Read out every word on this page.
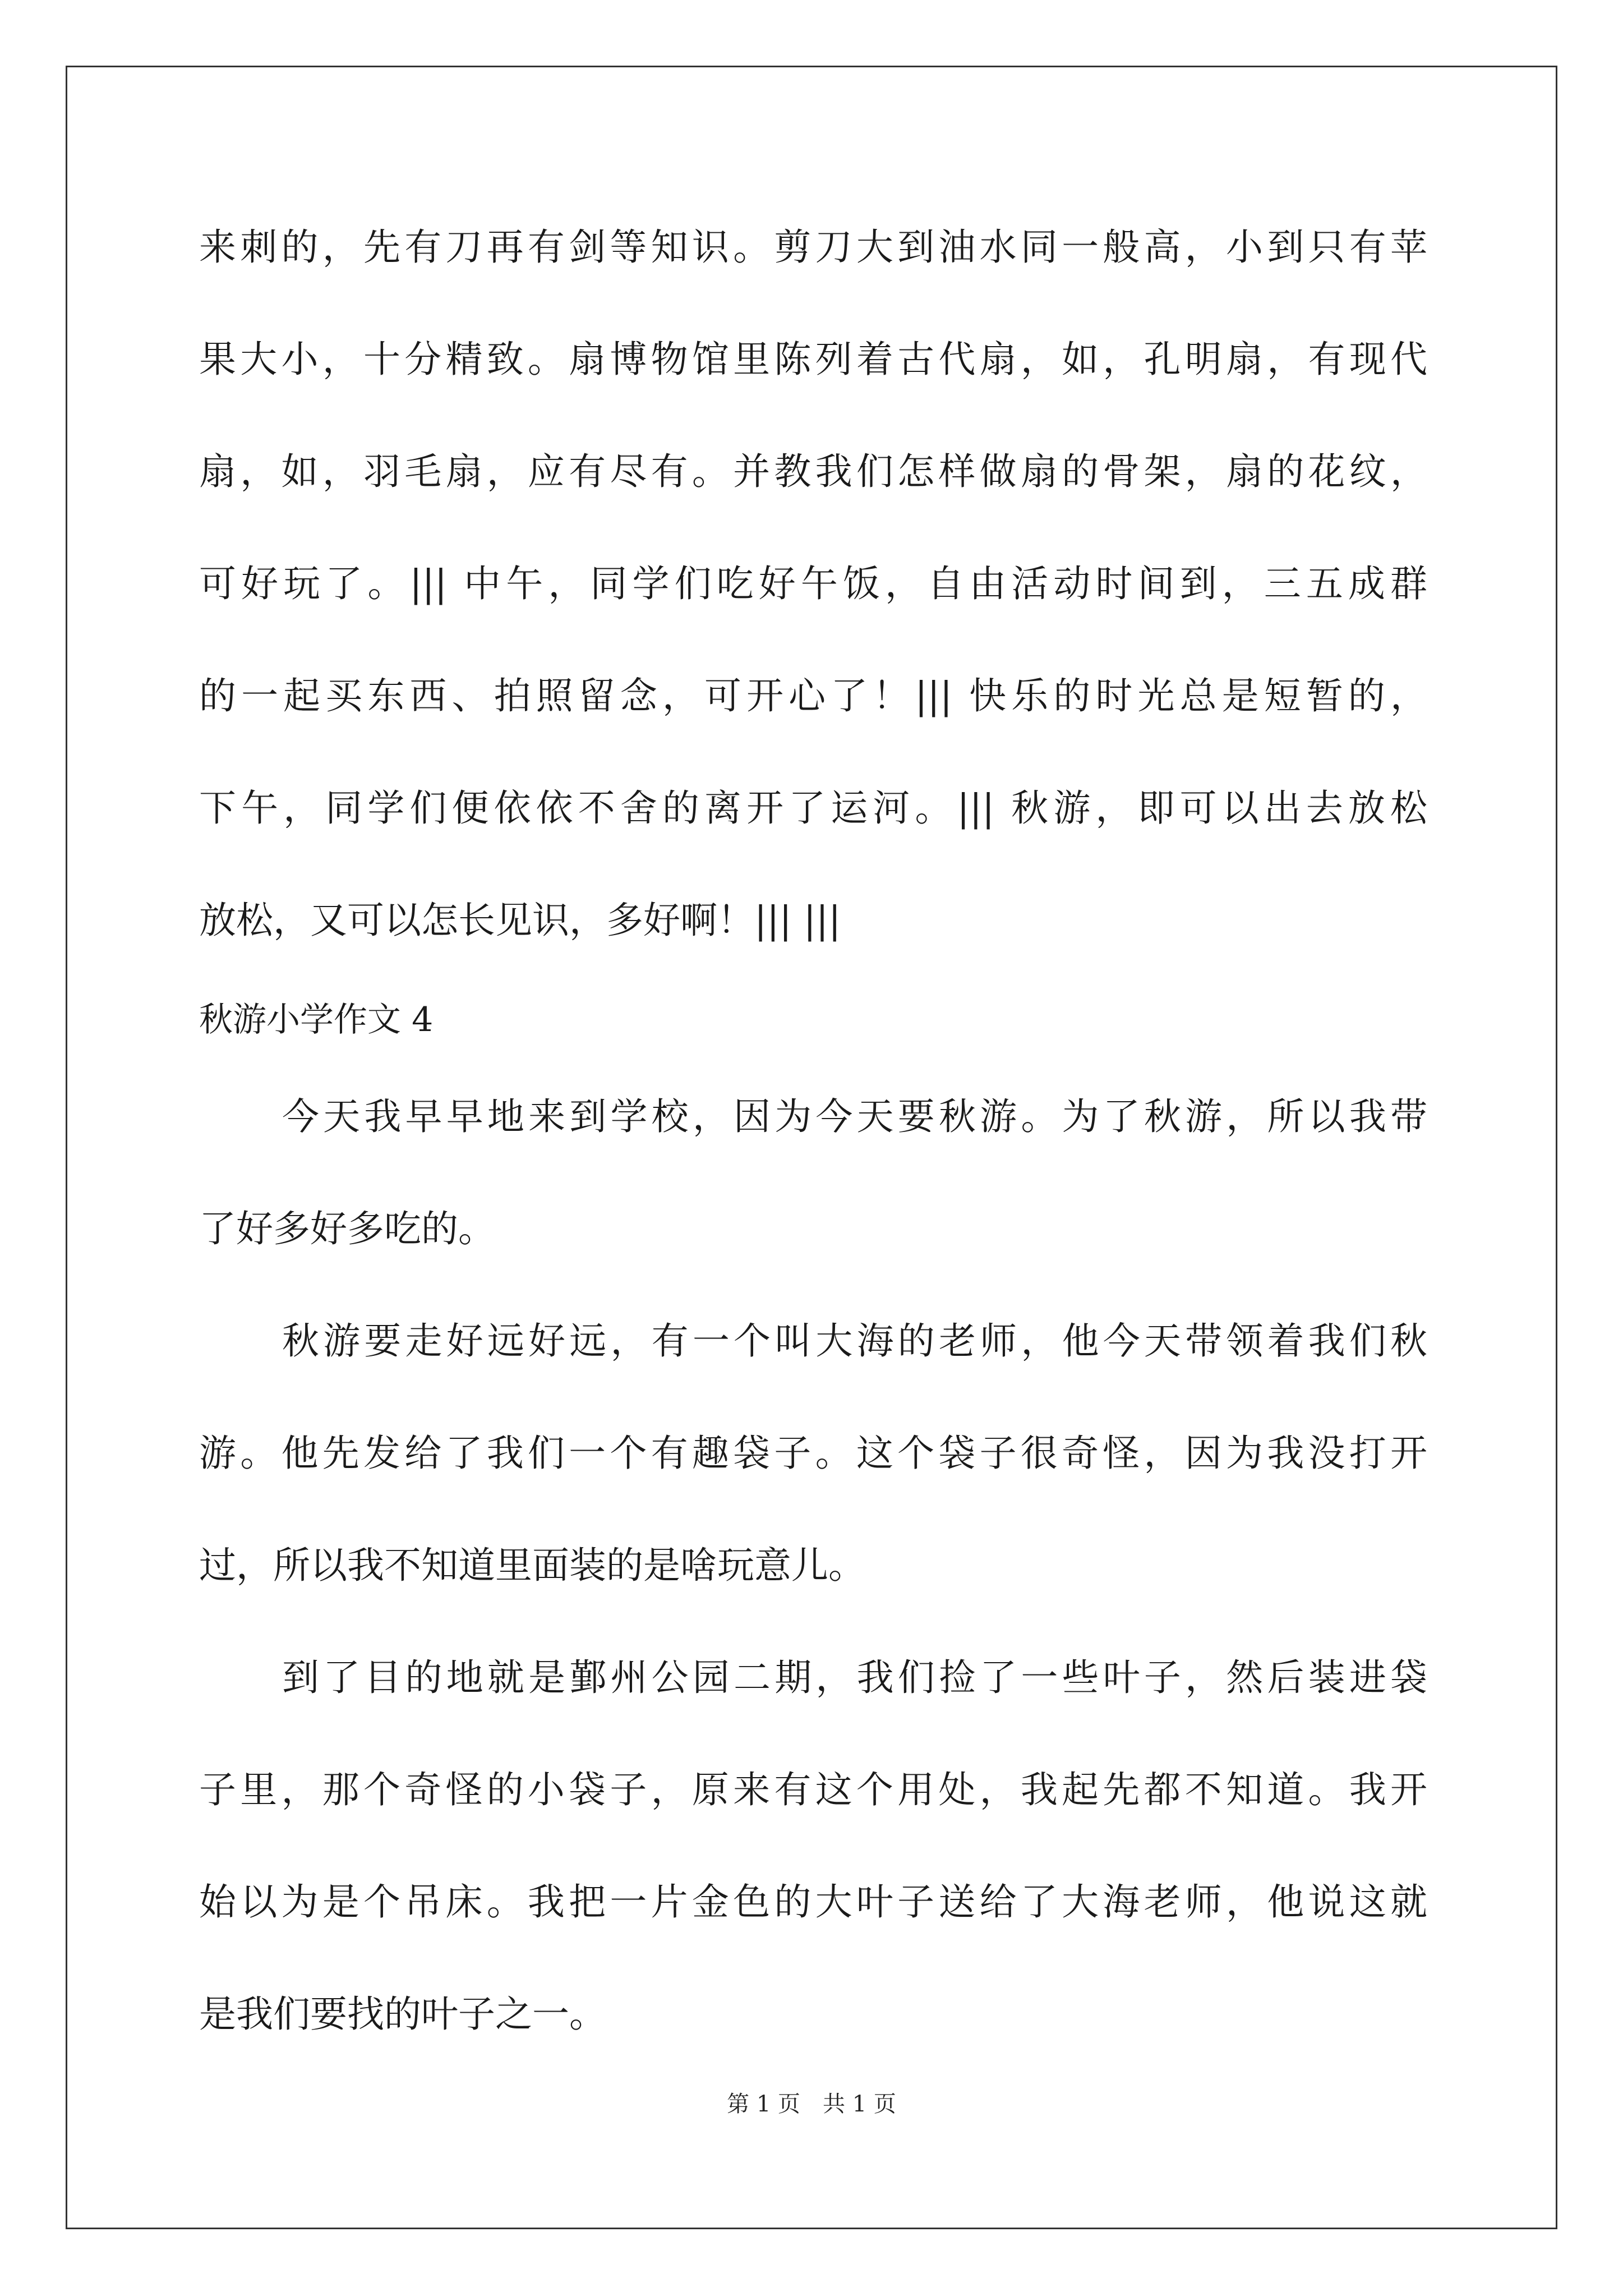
来刺的，先有刀再有剑等知识。剪刀大到油水同一般高，小到只有苹
果大小，十分精致。扇博物馆里陈列着古代扇，如，孔明扇，有现代
扇，如，羽毛扇，应有尽有。并教我们怎样做扇的骨架，扇的花纹，
可好玩了。||| 中午，同学们吃好午饭，自由活动时间到，三五成群
的一起买东西、拍照留念，可开心了！||| 快乐的时光总是短暂的，
下午，同学们便依依不舍的离开了运河。||| 秋游，即可以出去放松
放松，又可以怎长见识，多好啊！||| |||
秋游小学作文 4
今天我早早地来到学校，因为今天要秋游。为了秋游，所以我带
了好多好多吃的。
秋游要走好远好远，有一个叫大海的老师，他今天带领着我们秋
游。他先发给了我们一个有趣袋子。这个袋子很奇怪，因为我没打开
过，所以我不知道里面装的是啥玩意儿。
到了目的地就是鄞州公园二期，我们捡了一些叶子，然后装进袋
子里，那个奇怪的小袋子，原来有这个用处，我起先都不知道。我开
始以为是个吊床。我把一片金色的大叶子送给了大海老师，他说这就
是我们要找的叶子之一。
第 1 页 共 1 页
